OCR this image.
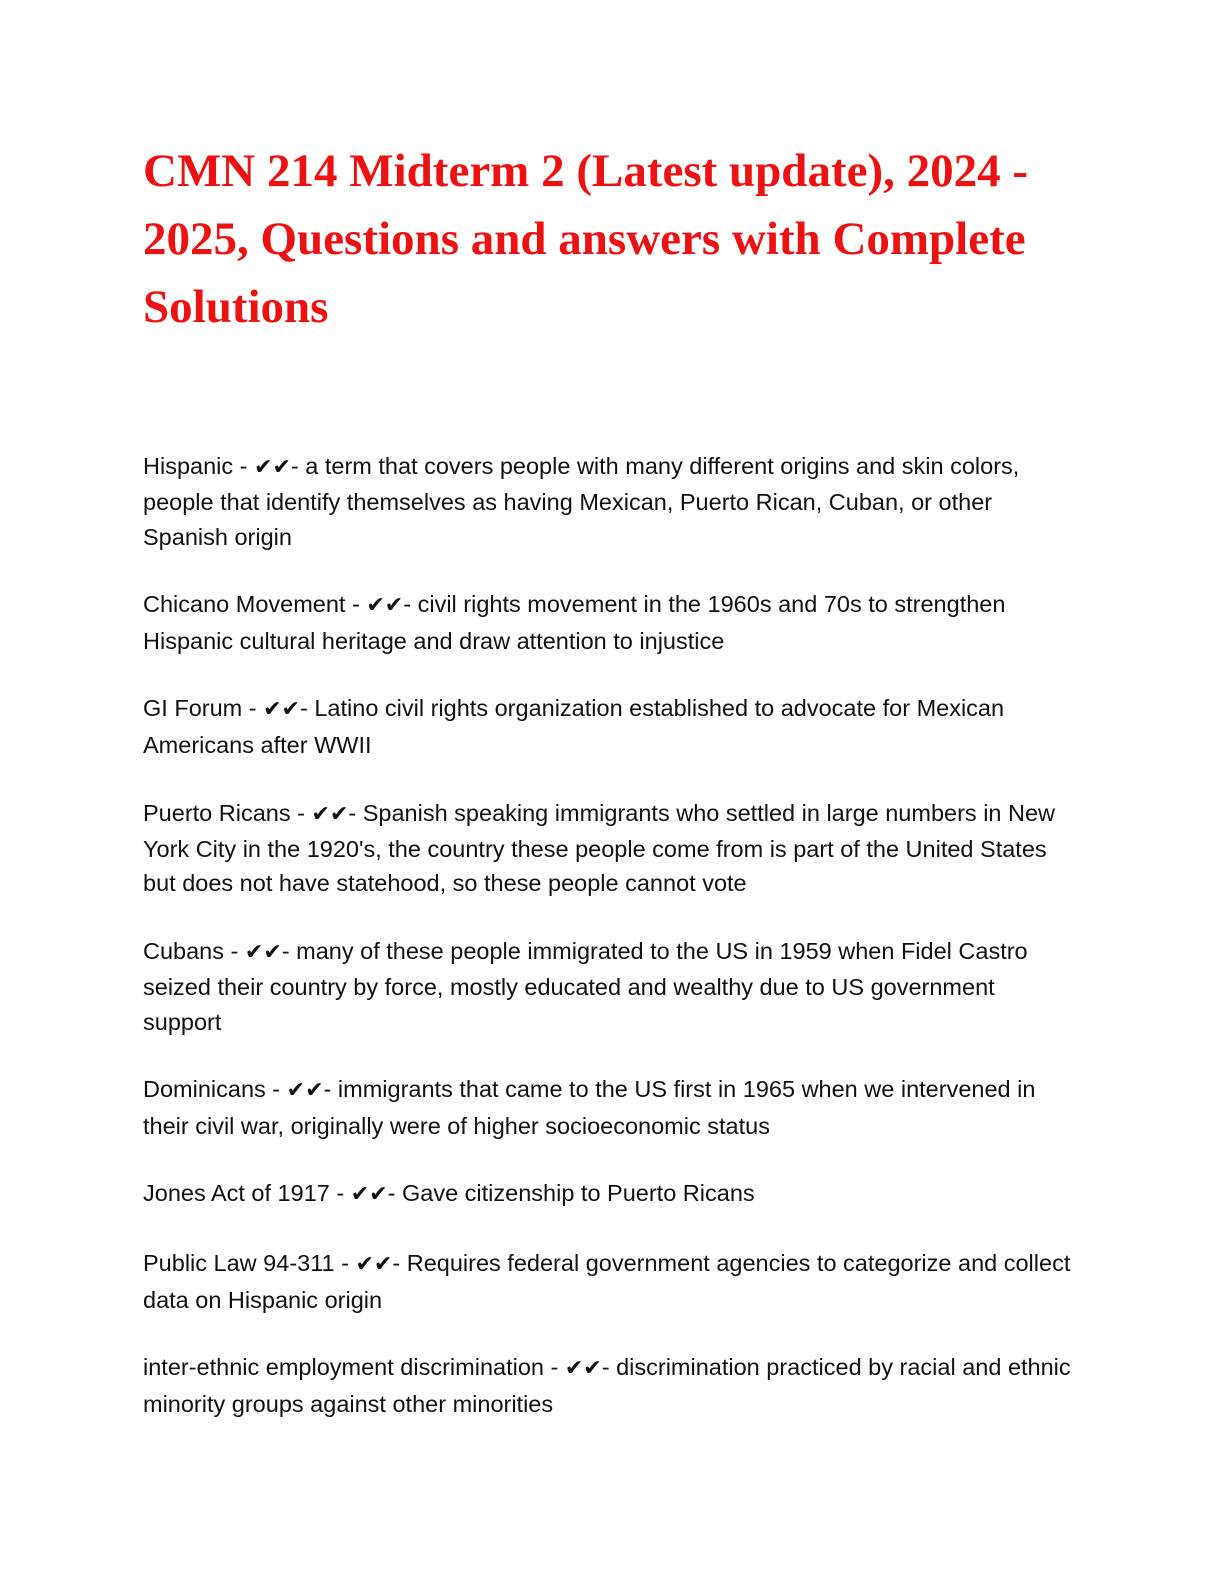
CMN 214 Midterm 2 (Latest update), 2024 - 2025, Questions and answers with Complete Solutions

Hispanic - ✔✔- a term that covers people with many different origins and skin colors, people that identify themselves as having Mexican, Puerto Rican, Cuban, or other Spanish origin

Chicano Movement - ✔✔- civil rights movement in the 1960s and 70s to strengthen Hispanic cultural heritage and draw attention to injustice

GI Forum - ✔✔- Latino civil rights organization established to advocate for Mexican Americans after WWII

Puerto Ricans - ✔✔- Spanish speaking immigrants who settled in large numbers in New York City in the 1920's, the country these people come from is part of the United States but does not have statehood, so these people cannot vote

Cubans - ✔✔- many of these people immigrated to the US in 1959 when Fidel Castro seized their country by force, mostly educated and wealthy due to US government support

Dominicans - ✔✔- immigrants that came to the US first in 1965 when we intervened in their civil war, originally were of higher socioeconomic status

Jones Act of 1917 - ✔✔- Gave citizenship to Puerto Ricans

Public Law 94-311 - ✔✔- Requires federal government agencies to categorize and collect data on Hispanic origin

inter-ethnic employment discrimination - ✔✔- discrimination practiced by racial and ethnic minority groups against other minorities
